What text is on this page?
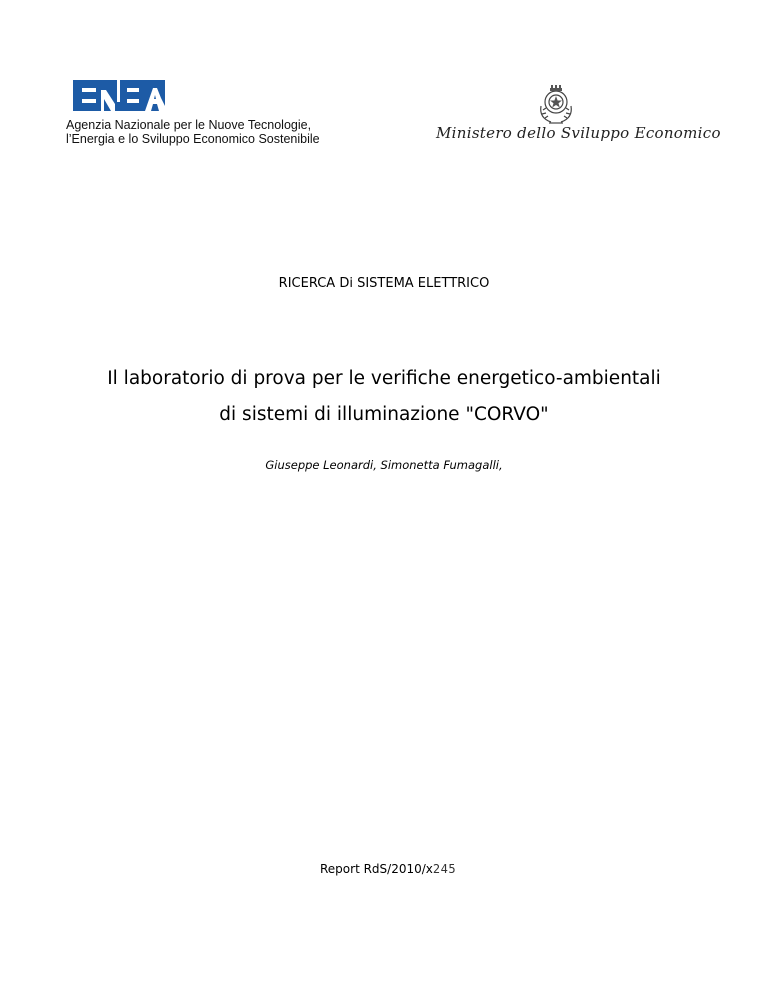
Agenzia Nazionale per le Nuove Tecnologie,
l’Energia e lo Sviluppo Economico Sostenibile	Ministero dello Sviluppo Economico
RICERCA Di SISTEMA ELETTRICO
Il laboratorio di prova per le verifiche energetico-ambientali
di sistemi di illuminazione "CORVO"
Giuseppe Leonardi, Simonetta Fumagalli,
Report RdS/2010/x245
